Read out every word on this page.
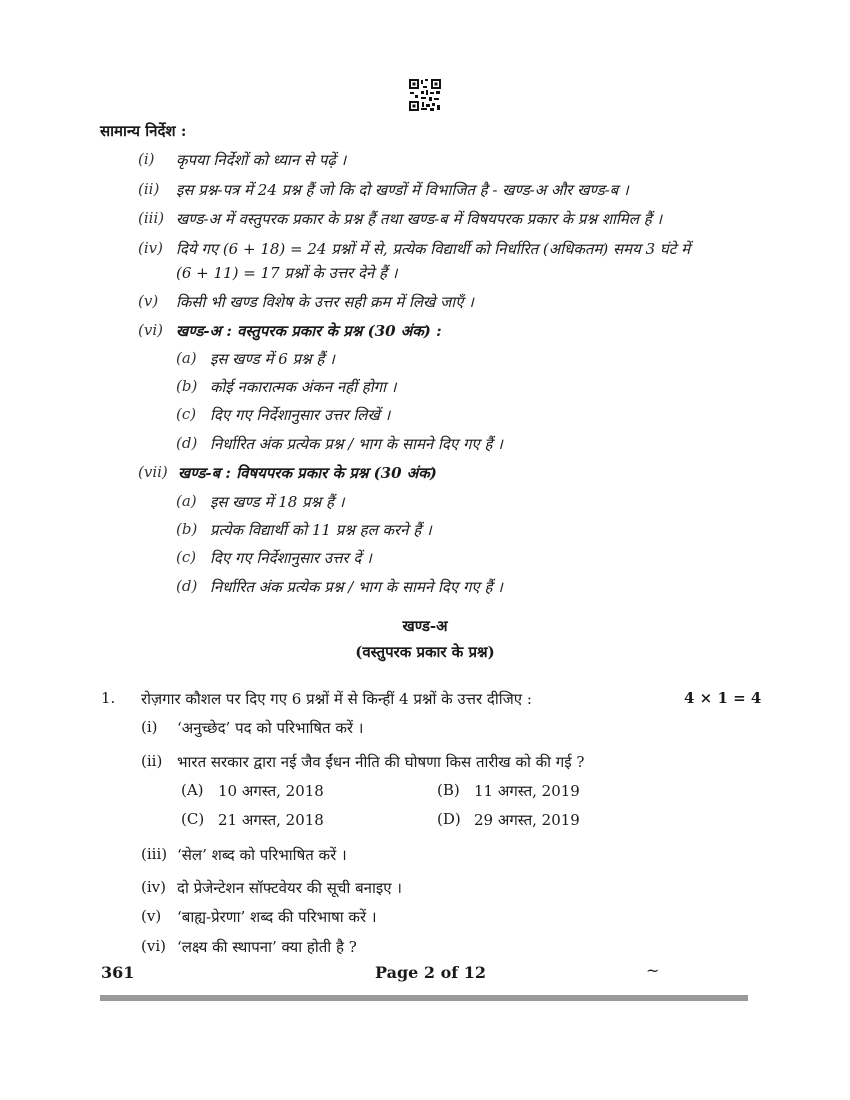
सामान्य निर्देश :
(i) कृपया निर्देशों को ध्यान से पढ़ें ।
(ii) इस प्रश्न-पत्र में 24 प्रश्न हैं जो कि दो खण्डों में विभाजित है - खण्ड-अ और खण्ड-ब ।
(iii) खण्ड-अ में वस्तुपरक प्रकार के प्रश्न हैं तथा खण्ड-ब में विषयपरक प्रकार के प्रश्न शामिल हैं ।
(iv) दिये गए (6 + 18) = 24 प्रश्नों में से, प्रत्येक विद्यार्थी को निर्धारित (अधिकतम) समय 3 घंटे में
(6 + 11) = 17 प्रश्नों के उत्तर देने हैं ।
(v) किसी भी खण्ड विशेष के उत्तर सही क्रम में लिखे जाएँ ।
(vi) खण्ड-अ : वस्तुपरक प्रकार के प्रश्न (30 अंक) :
(a) इस खण्ड में 6 प्रश्न हैं ।
(b) कोई नकारात्मक अंकन नहीं होगा ।
(c) दिए गए निर्देशानुसार उत्तर लिखें ।
(d) निर्धारित अंक प्रत्येक प्रश्न / भाग के सामने दिए गए हैं ।
(vii) खण्ड-ब : विषयपरक प्रकार के प्रश्न (30 अंक)
(a) इस खण्ड में 18 प्रश्न हैं ।
(b) प्रत्येक विद्यार्थी को 11 प्रश्न हल करने हैं ।
(c) दिए गए निर्देशानुसार उत्तर दें ।
(d) निर्धारित अंक प्रत्येक प्रश्न / भाग के सामने दिए गए हैं ।
खण्ड-अ
(वस्तुपरक प्रकार के प्रश्न)
1. रोज़गार कौशल पर दिए गए 6 प्रश्नों में से किन्हीं 4 प्रश्नों के उत्तर दीजिए :	4 × 1 = 4
(i) ‘अनुच्छेद’ पद को परिभाषित करें ।
(ii) भारत सरकार द्वारा नई जैव ईंधन नीति की घोषणा किस तारीख को की गई ?
(A) 10 अगस्त, 2018	(B) 11 अगस्त, 2019
(C) 21 अगस्त, 2018	(D) 29 अगस्त, 2019
(iii) ‘सेल’ शब्द को परिभाषित करें ।
(iv) दो प्रेजेन्टेशन सॉफ्टवेयर की सूची बनाइए ।
(v) ‘बाह्य-प्रेरणा’ शब्द की परिभाषा करें ।
(vi) ‘लक्ष्य की स्थापना’ क्या होती है ?
361	Page 2 of 12	~
